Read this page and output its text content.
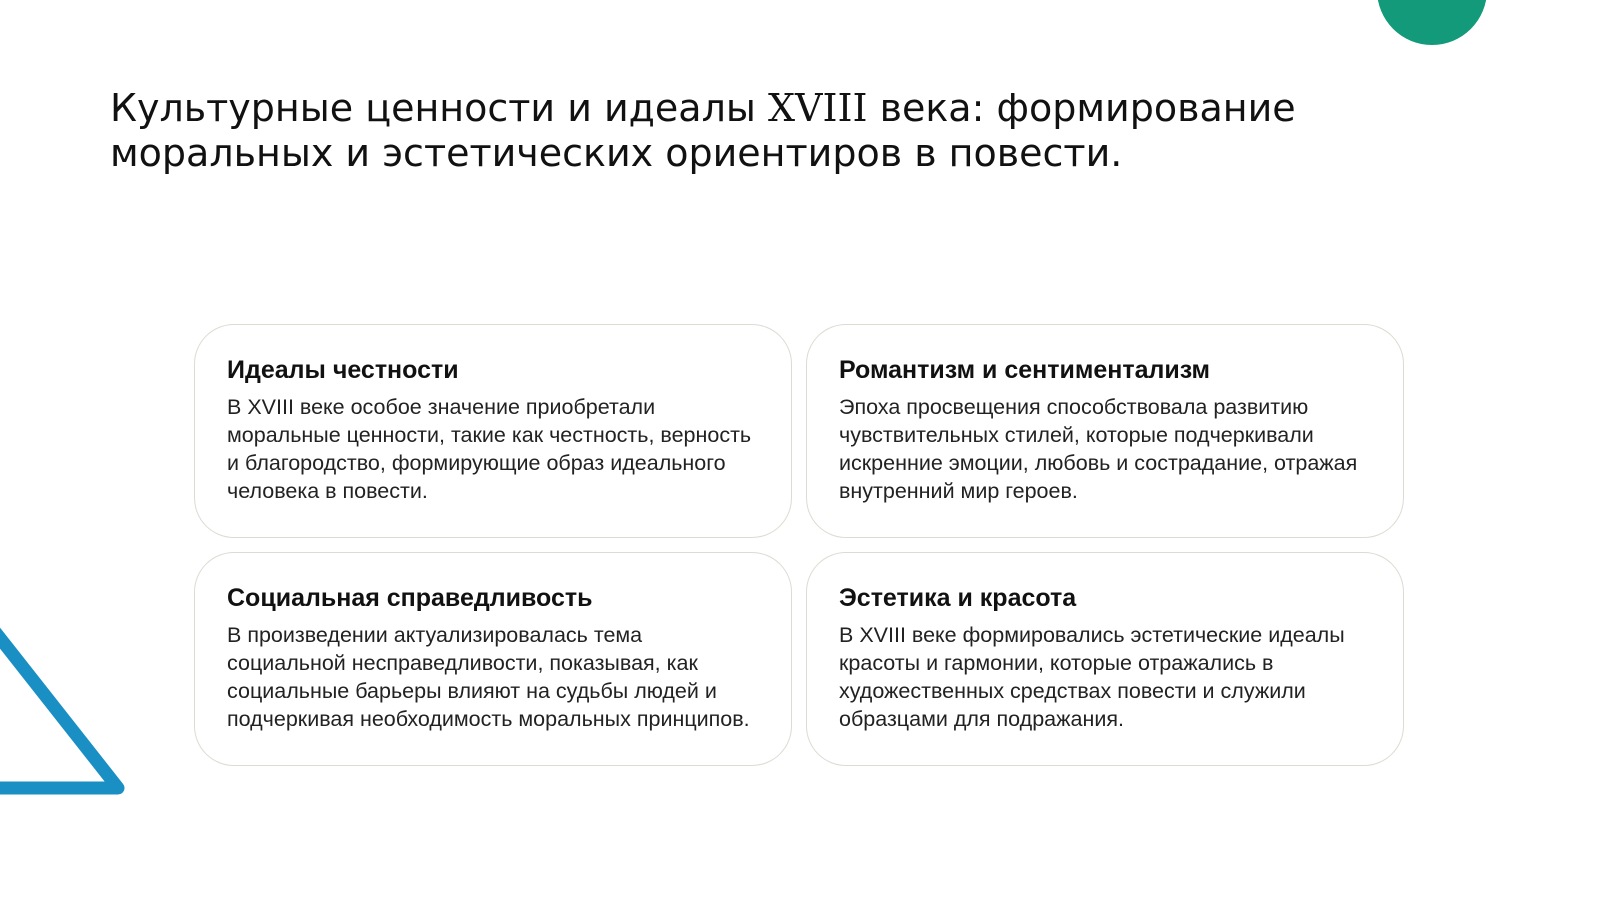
Культурные ценности и идеалы XVIII века: формирование моральных и эстетических ориентиров в повести.

Идеалы честности

В XVIII веке особое значение приобретали моральные ценности, такие как честность, верность и благородство, формирующие образ идеального человека в повести.

Романтизм и сентиментализм

Эпоха просвещения способствовала развитию чувствительных стилей, которые подчеркивали искренние эмоции, любовь и сострадание, отражая внутренний мир героев.

Социальная справедливость

В произведении актуализировалась тема социальной несправедливости, показывая, как социальные барьеры влияют на судьбы людей и подчеркивая необходимость моральных принципов.

Эстетика и красота

В XVIII веке формировались эстетические идеалы красоты и гармонии, которые отражались в художественных средствах повести и служили образцами для подражания.
